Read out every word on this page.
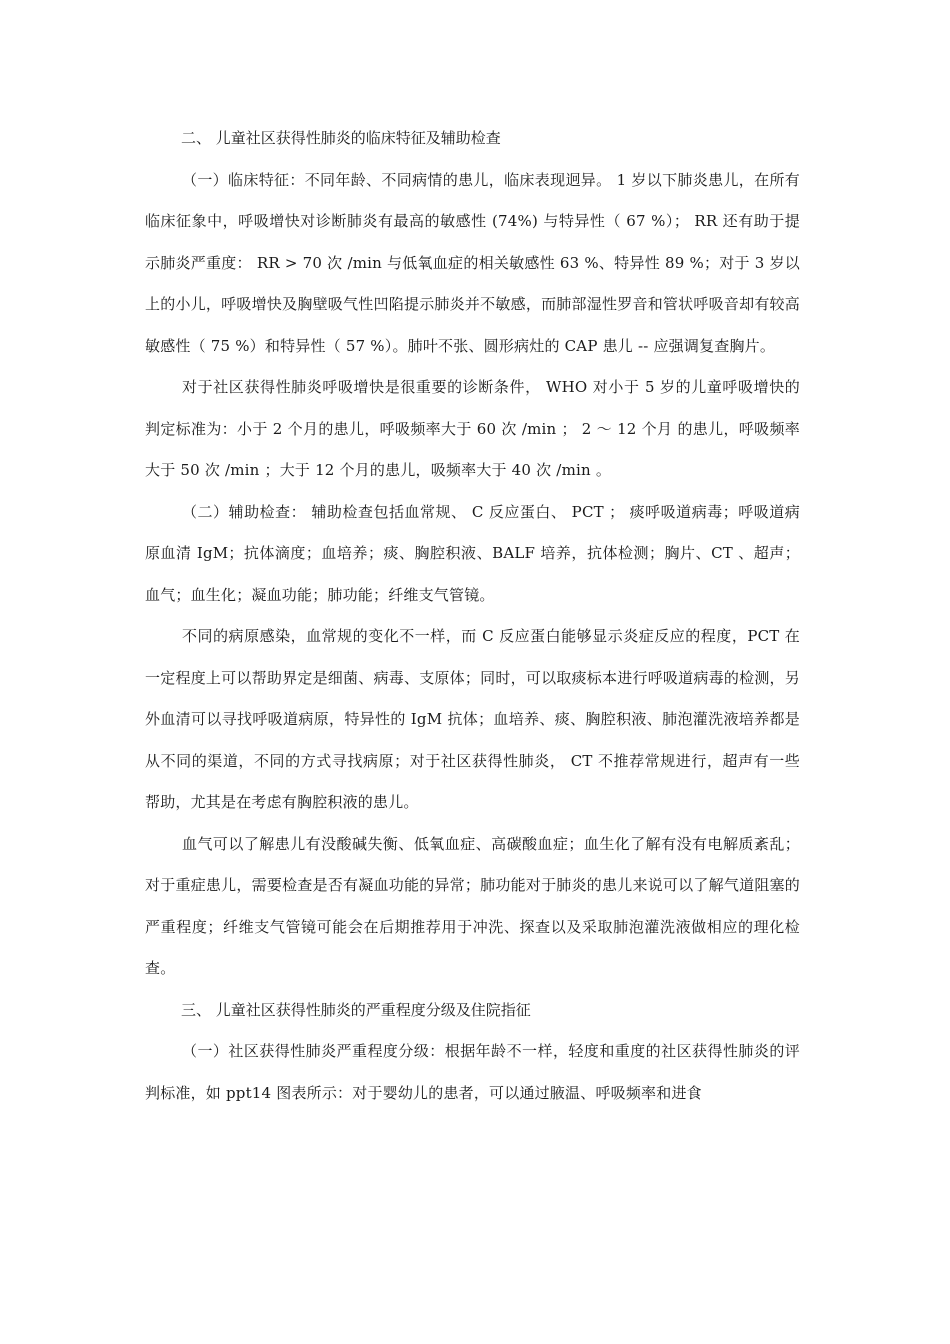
二、 儿童社区获得性肺炎的临床特征及辅助检查

（一）临床特征：不同年龄、不同病情的患儿，临床表现迥异。 1 岁以下肺炎患儿，在所有临床征象中，呼吸增快对诊断肺炎有最高的敏感性 (74%) 与特异性（ 67 %）； RR 还有助于提示肺炎严重度： RR > 70 次 /min 与低氧血症的相关敏感性 63 %、特异性 89 %；对于 3 岁以上的小儿，呼吸增快及胸壁吸气性凹陷提示肺炎并不敏感，而肺部湿性罗音和管状呼吸音却有较高敏感性（ 75 %）和特异性（ 57 %）。肺叶不张、圆形病灶的 CAP 患儿 -- 应强调复查胸片。

对于社区获得性肺炎呼吸增快是很重要的诊断条件， WHO 对小于 5 岁的儿童呼吸增快的判定标准为：小于 2 个月的患儿，呼吸频率大于 60 次 /min ； 2 ～ 12 个月 的患儿，呼吸频率大于 50 次 /min ；大于 12 个月的患儿，吸频率大于 40 次 /min 。

（二）辅助检查： 辅助检查包括血常规、 C 反应蛋白、 PCT ； 痰呼吸道病毒；呼吸道病原血清 IgM；抗体滴度；血培养；痰、胸腔积液、BALF 培养，抗体检测；胸片、CT 、超声；血气；血生化；凝血功能；肺功能；纤维支气管镜。

不同的病原感染，血常规的变化不一样，而 C 反应蛋白能够显示炎症反应的程度，PCT 在一定程度上可以帮助界定是细菌、病毒、支原体；同时，可以取痰标本进行呼吸道病毒的检测，另外血清可以寻找呼吸道病原，特异性的 IgM 抗体；血培养、痰、胸腔积液、肺泡灌洗液培养都是从不同的渠道，不同的方式寻找病原；对于社区获得性肺炎， CT 不推荐常规进行，超声有一些帮助，尤其是在考虑有胸腔积液的患儿。

血气可以了解患儿有没酸碱失衡、低氧血症、高碳酸血症；血生化了解有没有电解质紊乱；对于重症患儿，需要检查是否有凝血功能的异常；肺功能对于肺炎的患儿来说可以了解气道阻塞的严重程度；纤维支气管镜可能会在后期推荐用于冲洗、探查以及采取肺泡灌洗液做相应的理化检查。

三、 儿童社区获得性肺炎的严重程度分级及住院指征

（一）社区获得性肺炎严重程度分级：根据年龄不一样，轻度和重度的社区获得性肺炎的评判标准，如 ppt14 图表所示：对于婴幼儿的患者，可以通过腋温、呼吸频率和进食
